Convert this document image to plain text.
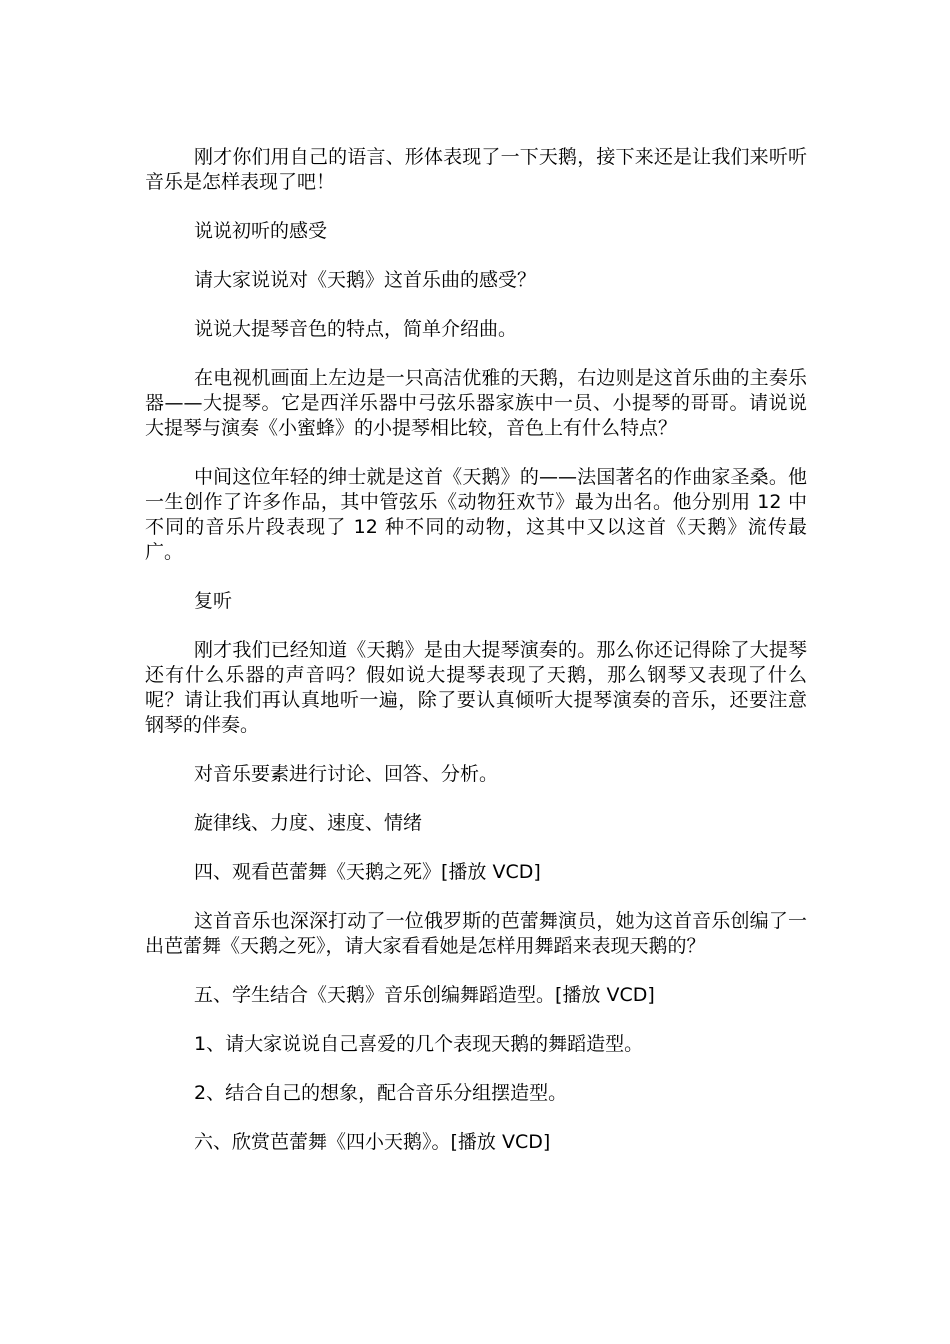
刚才你们用自己的语言、形体表现了一下天鹅，接下来还是让我们来听听音乐是怎样表现了吧！

说说初听的感受

请大家说说对《天鹅》这首乐曲的感受？

说说大提琴音色的特点，简单介绍曲。

在电视机画面上左边是一只高洁优雅的天鹅，右边则是这首乐曲的主奏乐器——大提琴。它是西洋乐器中弓弦乐器家族中一员、小提琴的哥哥。请说说大提琴与演奏《小蜜蜂》的小提琴相比较，音色上有什么特点？

中间这位年轻的绅士就是这首《天鹅》的——法国著名的作曲家圣桑。他一生创作了许多作品，其中管弦乐《动物狂欢节》最为出名。他分别用 12 中不同的音乐片段表现了 12 种不同的动物，这其中又以这首《天鹅》流传最广。

复听

刚才我们已经知道《天鹅》是由大提琴演奏的。那么你还记得除了大提琴还有什么乐器的声音吗？假如说大提琴表现了天鹅，那么钢琴又表现了什么呢？请让我们再认真地听一遍，除了要认真倾听大提琴演奏的音乐，还要注意钢琴的伴奏。

对音乐要素进行讨论、回答、分析。

旋律线、力度、速度、情绪

四、观看芭蕾舞《天鹅之死》[播放 VCD]

这首音乐也深深打动了一位俄罗斯的芭蕾舞演员，她为这首音乐创编了一出芭蕾舞《天鹅之死》，请大家看看她是怎样用舞蹈来表现天鹅的？

五、学生结合《天鹅》音乐创编舞蹈造型。[播放 VCD]

1、请大家说说自己喜爱的几个表现天鹅的舞蹈造型。

2、结合自己的想象，配合音乐分组摆造型。

六、欣赏芭蕾舞《四小天鹅》。[播放 VCD]
